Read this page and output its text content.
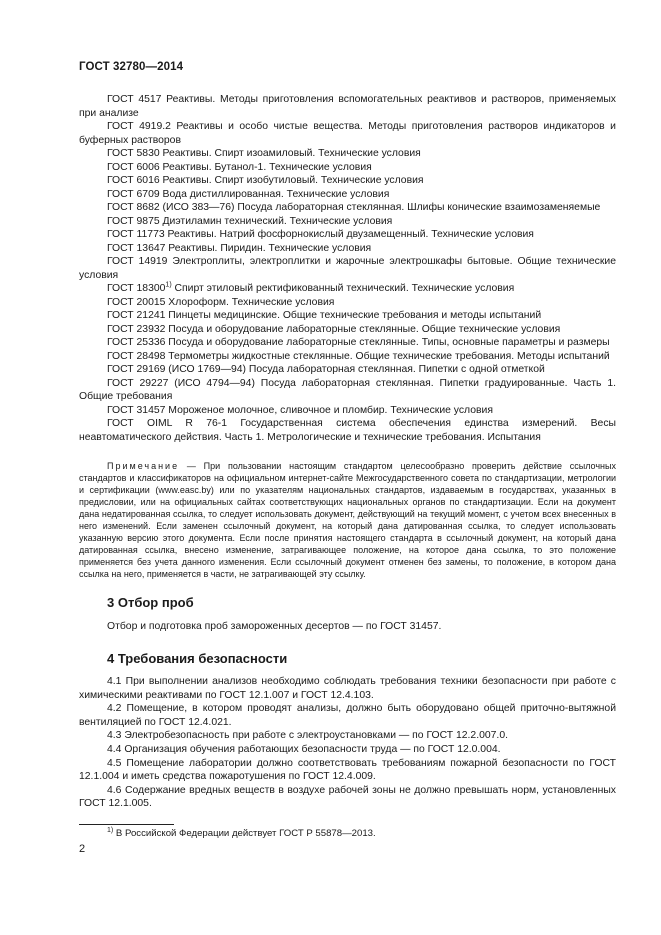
ГОСТ 32780—2014

ГОСТ 4517 Реактивы. Методы приготовления вспомогательных реактивов и растворов, применяемых при анализе

ГОСТ 4919.2 Реактивы и особо чистые вещества. Методы приготовления растворов индикаторов и буферных растворов

ГОСТ 5830 Реактивы. Спирт изоамиловый. Технические условия

ГОСТ 6006 Реактивы. Бутанол-1. Технические условия

ГОСТ 6016 Реактивы. Спирт изобутиловый. Технические условия

ГОСТ 6709 Вода дистиллированная. Технические условия

ГОСТ 8682 (ИСО 383—76) Посуда лабораторная стеклянная. Шлифы конические взаимозаменяемые

ГОСТ 9875 Диэтиламин технический. Технические условия

ГОСТ 11773 Реактивы. Натрий фосфорнокислый двузамещенный. Технические условия

ГОСТ 13647 Реактивы. Пиридин. Технические условия

ГОСТ 14919 Электроплиты, электроплитки и жарочные электрошкафы бытовые. Общие технические условия

ГОСТ 18300$^{1)}$ Спирт этиловый ректификованный технический. Технические условия

ГОСТ 20015 Хлороформ. Технические условия

ГОСТ 21241 Пинцеты медицинские. Общие технические требования и методы испытаний

ГОСТ 23932 Посуда и оборудование лабораторные стеклянные. Общие технические условия

ГОСТ 25336 Посуда и оборудование лабораторные стеклянные. Типы, основные параметры и размеры

ГОСТ 28498 Термометры жидкостные стеклянные. Общие технические требования. Методы испытаний

ГОСТ 29169 (ИСО 1769—94) Посуда лабораторная стеклянная. Пипетки с одной отметкой

ГОСТ 29227 (ИСО 4794—94) Посуда лабораторная стеклянная. Пипетки градуированные. Часть 1. Общие требования

ГОСТ 31457 Мороженое молочное, сливочное и пломбир. Технические условия

ГОСТ OIML R 76-1 Государственная система обеспечения единства измерений. Весы неавтоматического действия. Часть 1. Метрологические и технические требования. Испытания

Примечание — При пользовании настоящим стандартом целесообразно проверить действие ссылочных стандартов и классификаторов на официальном интернет-сайте Межгосударственного совета по стандартизации, метрологии и сертификации (www.easc.by) или по указателям национальных стандартов, издаваемым в государствах, указанных в предисловии, или на официальных сайтах соответствующих национальных органов по стандартизации. Если на документ дана недатированная ссылка, то следует использовать документ, действующий на текущий момент, с учетом всех внесенных в него изменений. Если заменен ссылочный документ, на который дана датированная ссылка, то следует использовать указанную версию этого документа. Если после принятия настоящего стандарта в ссылочный документ, на который дана датированная ссылка, внесено изменение, затрагивающее положение, на которое дана ссылка, то это положение применяется без учета данного изменения. Если ссылочный документ отменен без замены, то положение, в котором дана ссылка на него, применяется в части, не затрагивающей эту ссылку.

3 Отбор проб
Отбор и подготовка проб замороженных десертов — по ГОСТ 31457.
4 Требования безопасности

4.1 При выполнении анализов необходимо соблюдать требования техники безопасности при работе с химическими реактивами по ГОСТ 12.1.007 и ГОСТ 12.4.103.

4.2 Помещение, в котором проводят анализы, должно быть оборудовано общей приточно-вытяжной вентиляцией по ГОСТ 12.4.021.

4.3 Электробезопасность при работе с электроустановками — по ГОСТ 12.2.007.0.

4.4 Организация обучения работающих безопасности труда — по ГОСТ 12.0.004.

4.5 Помещение лаборатории должно соответствовать требованиям пожарной безопасности по ГОСТ 12.1.004 и иметь средства пожаротушения по ГОСТ 12.4.009.

4.6 Содержание вредных веществ в воздухе рабочей зоны не должно превышать норм, установленных ГОСТ 12.1.005.

$^{1)}$ В Российской Федерации действует ГОСТ Р 55878—2013.
2
